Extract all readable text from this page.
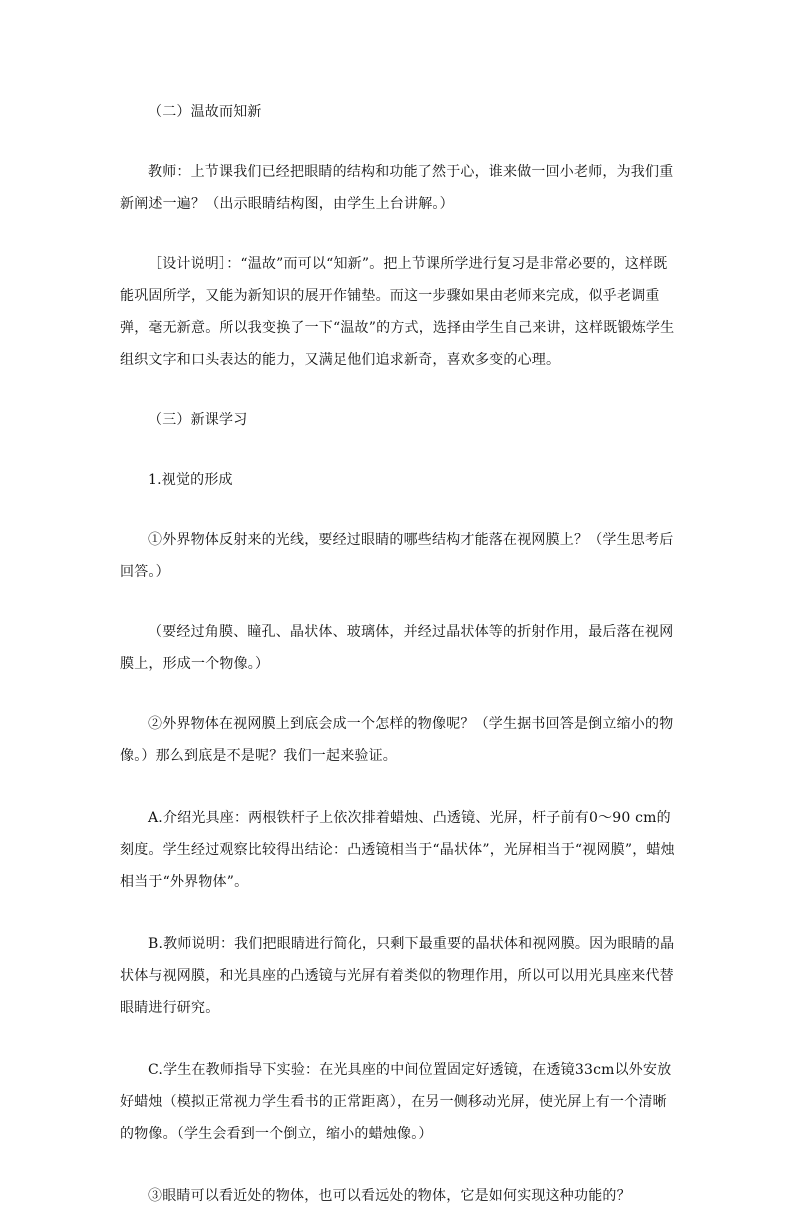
（二）温故而知新

教师：上节课我们已经把眼睛的结构和功能了然于心，谁来做一回小老师，为我们重新阐述一遍？（出示眼睛结构图，由学生上台讲解。）

［设计说明］：“温故”而可以“知新”。把上节课所学进行复习是非常必要的，这样既能巩固所学，又能为新知识的展开作铺垫。而这一步骤如果由老师来完成，似乎老调重弹，毫无新意。所以我变换了一下“温故”的方式，选择由学生自己来讲，这样既锻炼学生组织文字和口头表达的能力，又满足他们追求新奇，喜欢多变的心理。

（三）新课学习

1.视觉的形成

①外界物体反射来的光线，要经过眼睛的哪些结构才能落在视网膜上？（学生思考后回答。）

（要经过角膜、瞳孔、晶状体、玻璃体，并经过晶状体等的折射作用，最后落在视网膜上，形成一个物像。）

②外界物体在视网膜上到底会成一个怎样的物像呢？（学生据书回答是倒立缩小的物像。）那么到底是不是呢？我们一起来验证。

A.介绍光具座：两根铁杆子上依次排着蜡烛、凸透镜、光屏，杆子前有0～90 cm的刻度。学生经过观察比较得出结论：凸透镜相当于“晶状体”，光屏相当于“视网膜”，蜡烛相当于“外界物体”。

B.教师说明：我们把眼睛进行简化，只剩下最重要的晶状体和视网膜。因为眼睛的晶状体与视网膜，和光具座的凸透镜与光屏有着类似的物理作用，所以可以用光具座来代替眼睛进行研究。

C.学生在教师指导下实验：在光具座的中间位置固定好透镜，在透镜33cm以外安放好蜡烛（模拟正常视力学生看书的正常距离），在另一侧移动光屏，使光屏上有一个清晰的物像。（学生会看到一个倒立，缩小的蜡烛像。）

③眼睛可以看近处的物体，也可以看远处的物体，它是如何实现这种功能的？
